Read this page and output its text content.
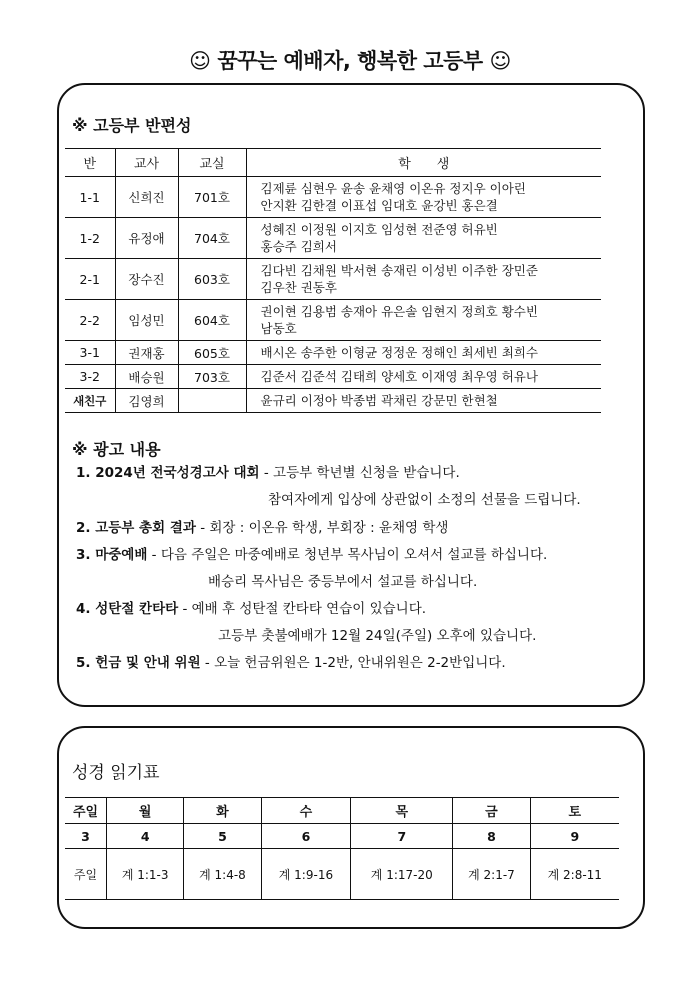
☺ 꿈꾸는 예배자, 행복한 고등부 ☺
※ 고등부 반편성
반	교사	교실	학　　생
1-1	신희진	701호	김제륜 심현우 윤송 윤채영 이온유 정지우 이아린
안지환 김한결 이표섭 임대호 윤강빈 홍은결

1-2	유정애	704호	성혜진 이정원 이지호 임성현 전준영 허유빈
홍승주 김희서

2-1	장수진	603호	김다빈 김채원 박서현 송재린 이성빈 이주한 장민준
김우찬 권동후

2-2	임성민	604호	권이현 김용범 송재아 유은솔 임현지 정희호 황수빈
남동호

3-1	권재홍	605호	배시온 송주한 이형균 정정운 정해인 최세빈 최희수
3-2	배승원	703호	김준서 김준석 김태희 양세호 이재영 최우영 허유나
새친구	김영희		윤규리 이정아 박종범 곽채린 강문민 한현철
※ 광고 내용
1. 2024년 전국성경고사 대회 - 고등부 학년별 신청을 받습니다.
참여자에게 입상에 상관없이 소정의 선물을 드립니다.
2. 고등부 총회 결과 - 회장 : 이온유 학생, 부회장 : 윤채영 학생
3. 마중예배 - 다음 주일은 마중예배로 청년부 목사님이 오셔서 설교를 하십니다.
배승리 목사님은 중등부에서 설교를 하십니다.
4. 성탄절 칸타타 - 예배 후 성탄절 칸타타 연습이 있습니다.
고등부 촛불예배가 12월 24일(주일) 오후에 있습니다.
5. 헌금 및 안내 위원 - 오늘 헌금위원은 1-2반, 안내위원은 2-2반입니다.
성경 읽기표
주일	월	화	수	목	금	토
3	4	5	6	7	8	9
주일	계 1:1-3	계 1:4-8	계 1:9-16	계 1:17-20	계 2:1-7	계 2:8-11
